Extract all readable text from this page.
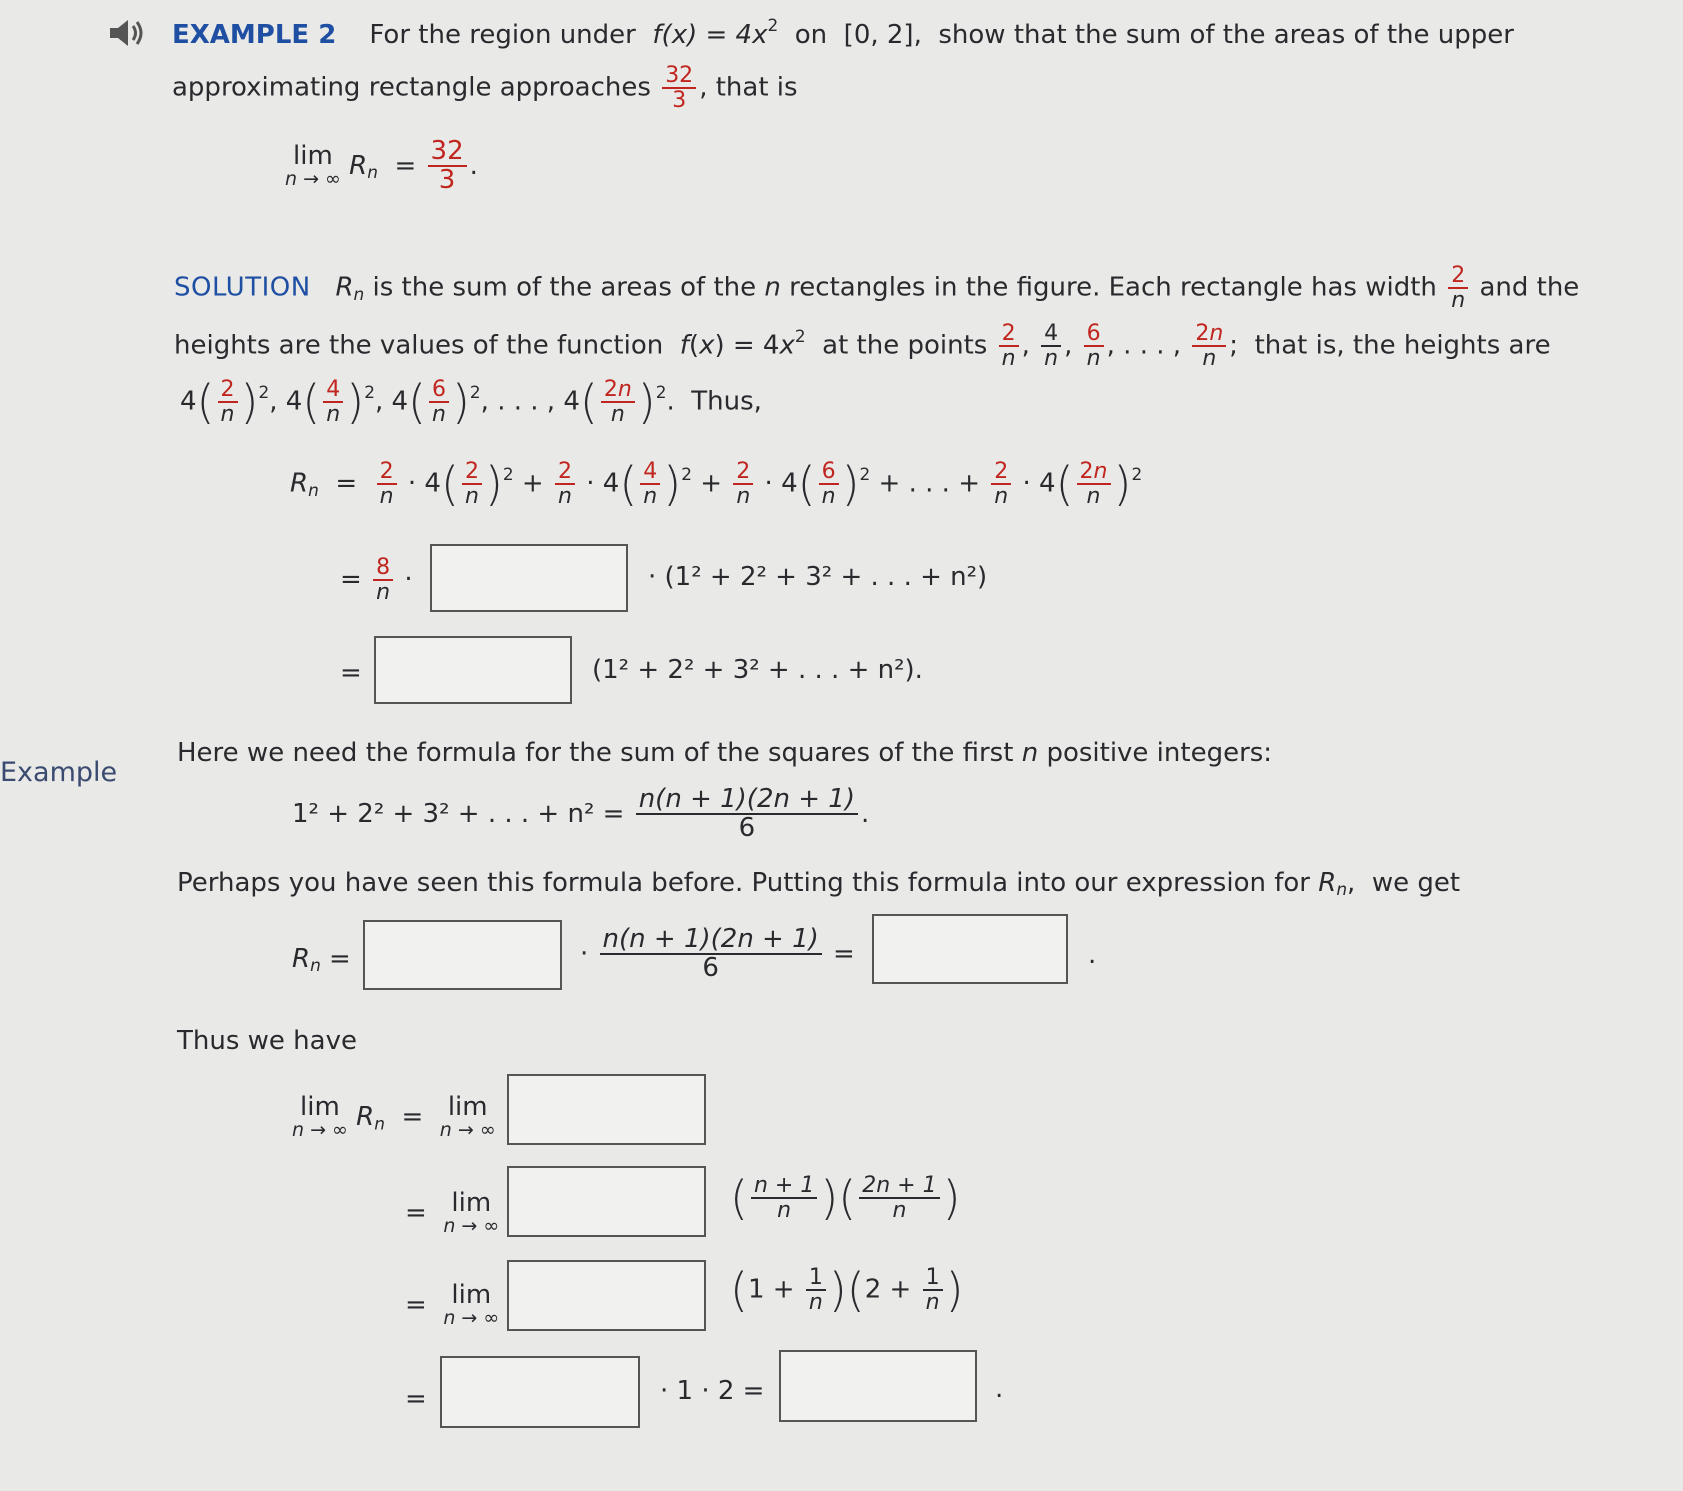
EXAMPLE 2 For the region under $f(x) = 4x^2$ on [0, 2], show that the sum of the areas of the upper
approximating rectangle approaches $\frac{32}{3}$ , that is
lim
n → ∞ $R_n = \frac{32}{3}$ .
SOLUTION $R_n$ is the sum of the areas of the n rectangles in the figure. Each rectangle has width $\frac{2}{n}$ and the
heights are the values of the function $f(x) = 4x^2$ at the points $\frac{2}{n}$ , $\frac{4}{n}$ , $\frac{6}{n}$ , . . . , $\frac{2n}{n}$ ;  that is, the heights are
$4( \frac{2}{n} )^2$, $4( \frac{4}{n} )^2$, $4( \frac{6}{n} )^2$, . . . , $4( \frac{2n}{n} )^2$.  Thus,
$R_n = \frac{2}{n} \cdot 4( \frac{2}{n} )^2 + \frac{2}{n} \cdot 4( \frac{4}{n} )^2 + \frac{2}{n} \cdot 4( \frac{6}{n} )^2$ + . . . + $\frac{2}{n} \cdot 4( \frac{2n}{n} )^2$
= $\frac{8}{n}$ ·	· (1² + 2² + 3² + . . . + n²)
=	(1² + 2² + 3² + . . . + n²).
Example
Here we need the formula for the sum of the squares of the first n positive integers:
1² + 2² + 3² + . . . + $n^2 = \frac{n(n + 1)(2n + 1)}{6}$ .
Perhaps you have seen this formula before. Putting this formula into our expression for $R_n$,  we get
$R_n$ =	· $\frac{n(n + 1)(2n + 1)}{6}$ =	.
Thus we have
lim
n → ∞ $R_n = \lim$
n → ∞
= lim
n → ∞
( $\frac{n + 1}{n}$ )( $\frac{2n + 1}{n}$ )
= lim
n → ∞
$(1 + \frac{1}{n} )(2 + \frac{1}{n}$ )
=	· 1 · 2 =	.
